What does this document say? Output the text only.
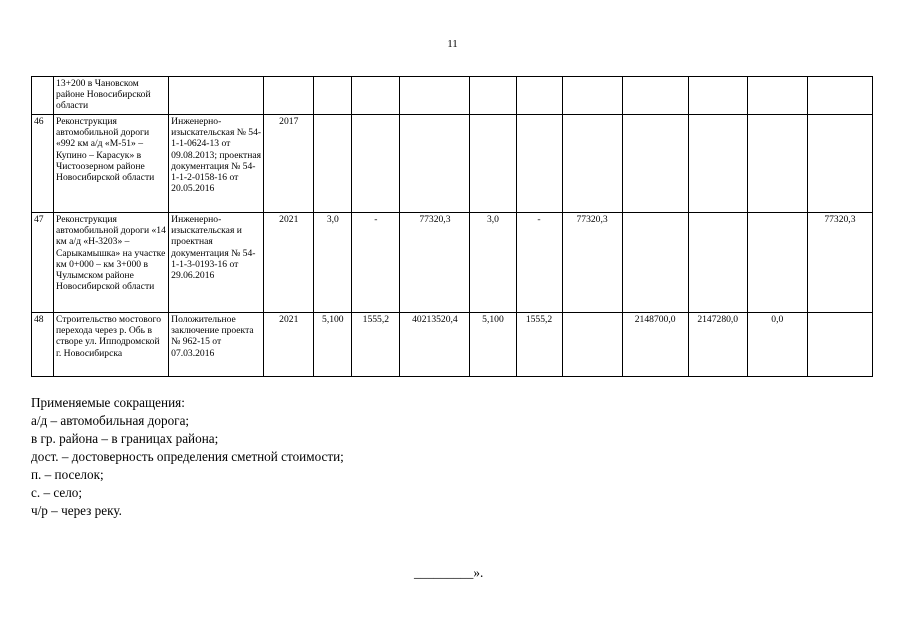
11
	13+200 в Чановском районе Новосибирской области												
46	Реконструкция автомобильной дороги «992 км а/д «М-51» – Купино – Карасук» в Чистоозерном районе Новосибирской области	Инженерно-изыскательская № 54-1-1-0624-13 от 09.08.2013; проектная документация № 54-1-1-2-0158-16 от 20.05.2016	2017										
47	Реконструкция автомобильной дороги «14 км а/д «Н-3203» – Сарыкамышка» на участке км 0+000 – км 3+000 в Чулымском районе Новосибирской области	Инженерно-изыскательская и проектная документация № 54-1-1-3-0193-16 от 29.06.2016	2021	3,0	-	77320,3	3,0	-	77320,3				77320,3
48	Строительство мостового перехода через р. Обь в створе ул. Ипподромской г. Новосибирска	Положительное заключение проекта № 962-15 от 07.03.2016	2021	5,100	1555,2	40213520,4	5,100	1555,2		2148700,0	2147280,0	0,0	
Применяемые сокращения:
а/д – автомобильная дорога;
в гр. района – в границах района;
дост. – достоверность определения сметной стоимости;
п. – поселок;
с. – село;
ч/р – через реку.
_________».
